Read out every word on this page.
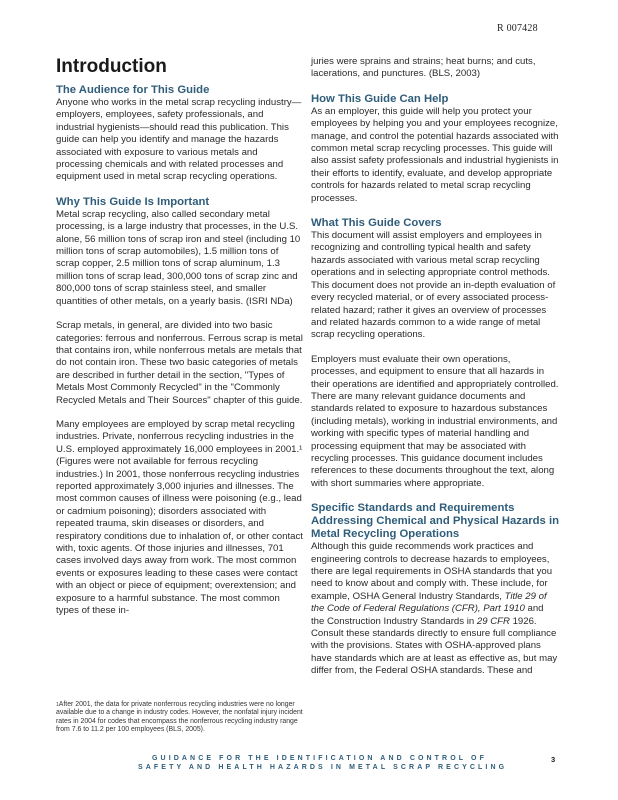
R 007428
Introduction
The Audience for This Guide

Anyone who works in the metal scrap recycling industry—employers, employees, safety professionals, and industrial hygienists—should read this publication. This guide can help you identify and manage the hazards associated with exposure to various metals and processing chemicals and with related processes and equipment used in metal scrap recycling operations.

Why This Guide Is Important

Metal scrap recycling, also called secondary metal processing, is a large industry that processes, in the U.S. alone, 56 million tons of scrap iron and steel (including 10 million tons of scrap automobiles), 1.5 million tons of scrap copper, 2.5 million tons of scrap aluminum, 1.3 million tons of scrap lead, 300,000 tons of scrap zinc and 800,000 tons of scrap stainless steel, and smaller quantities of other metals, on a yearly basis. (ISRI NDa)

Scrap metals, in general, are divided into two basic categories: ferrous and nonferrous. Ferrous scrap is metal that contains iron, while nonferrous metals are metals that do not contain iron. These two basic categories of metals are described in further detail in the section, "Types of Metals Most Commonly Recycled" in the "Commonly Recycled Metals and Their Sources" chapter of this guide.

Many employees are employed by scrap metal recycling industries. Private, nonferrous recycling industries in the U.S. employed approximately 16,000 employees in 2001.¹ (Figures were not available for ferrous recycling industries.) In 2001, those nonferrous recycling industries reported approximately 3,000 injuries and illnesses. The most common causes of illness were poisoning (e.g., lead or cadmium poisoning); disorders associated with repeated trauma, skin diseases or disorders, and respiratory conditions due to inhalation of, or other contact with, toxic agents. Of those injuries and illnesses, 701 cases involved days away from work. The most common events or exposures leading to these cases were contact with an object or piece of equipment; overextension; and exposure to a harmful substance. The most common types of these in-

$^1$After 2001, the data for private nonferrous recycling industries were no longer available due to a change in industry codes. However, the nonfatal injury incident rates in 2004 for codes that encompass the nonferrous recycling industry range from 7.6 to 11.2 per 100 employees (BLS, 2005).

juries were sprains and strains; heat burns; and cuts, lacerations, and punctures. (BLS, 2003)

How This Guide Can Help

As an employer, this guide will help you protect your employees by helping you and your employees recognize, manage, and control the potential hazards associated with common metal scrap recycling processes. This guide will also assist safety professionals and industrial hygienists in their efforts to identify, evaluate, and develop appropriate controls for hazards related to metal scrap recycling processes.

What This Guide Covers

This document will assist employers and employees in recognizing and controlling typical health and safety hazards associated with various metal scrap recycling operations and in selecting appropriate control methods. This document does not provide an in-depth evaluation of every recycled material, or of every associated process-related hazard; rather it gives an overview of processes and related hazards common to a wide range of metal scrap recycling operations.

Employers must evaluate their own operations, processes, and equipment to ensure that all hazards in their operations are identified and appropriately controlled. There are many relevant guidance documents and standards related to exposure to hazardous substances (including metals), working in industrial environments, and working with specific types of material handling and processing equipment that may be associated with recycling processes. This guidance document includes references to these documents throughout the text, along with short summaries where appropriate.

Specific Standards and Requirements Addressing Chemical and Physical Hazards in Metal Recycling Operations

Although this guide recommends work practices and engineering controls to decrease hazards to employees, there are legal requirements in OSHA standards that you need to know about and comply with. These include, for example, OSHA General Industry Standards, Title 29 of the Code of Federal Regulations (CFR), Part 1910 and the Construction Industry Standards in 29 CFR 1926. Consult these standards directly to ensure full compliance with the provisions. States with OSHA-approved plans have standards which are at least as effective as, but may differ from, the Federal OSHA standards. These and

GUIDANCE FOR THE IDENTIFICATION AND CONTROL OF
SAFETY AND HEALTH HAZARDS IN METAL SCRAP RECYCLING
3
